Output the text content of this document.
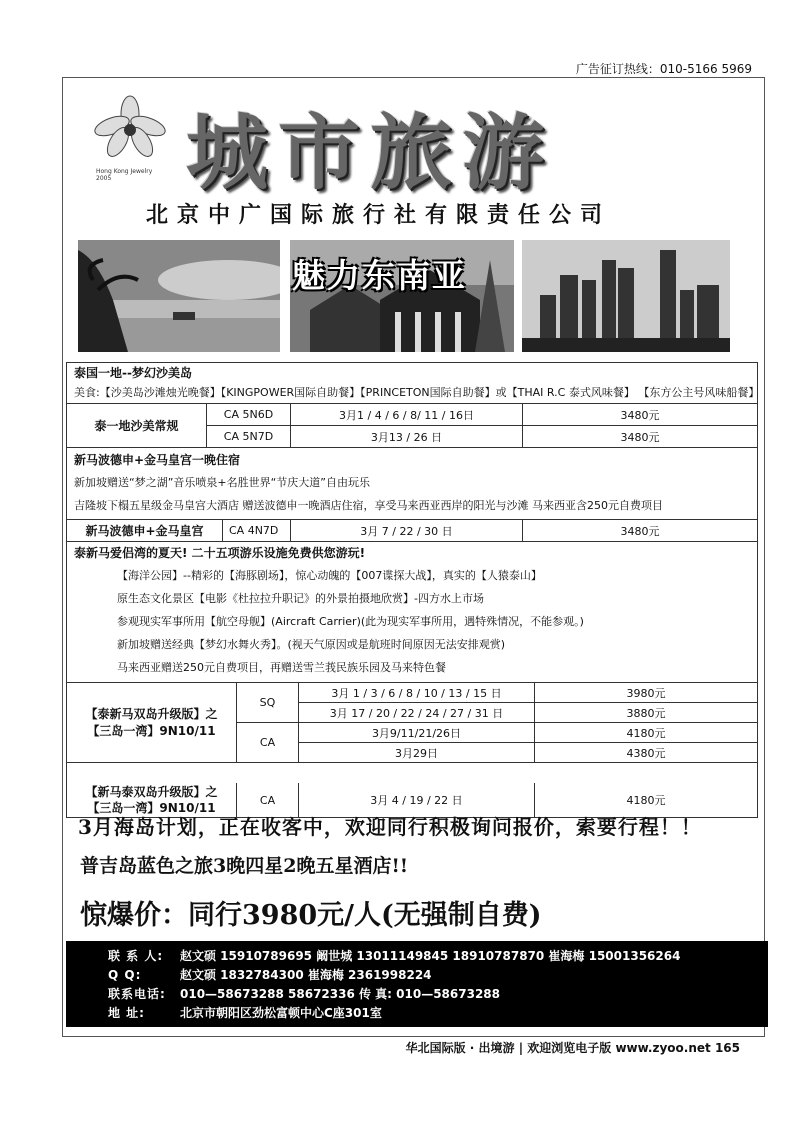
广告征订热线：010-5166 5969
Hong Kong Jewelry 2005 城市旅游
北京中广国际旅行社有限责任公司
魅力东南亚
泰国一地--梦幻沙美岛
美食:【沙美岛沙滩烛光晚餐】【KINGPOWER国际自助餐】【PRINCETON国际自助餐】或【THAI R.C 泰式风味餐】 【东方公主号风味船餐】
泰一地沙美常规
CA 5N6D	3月1 / 4 / 6 / 8/ 11 / 16日	3480元
CA 5N7D	3月13 / 26 日	3480元
新马波德申+金马皇宫一晚住宿
新加坡赠送“梦之湖”音乐喷泉+名胜世界“节庆大道”自由玩乐
吉隆坡下榻五星级金马皇宫大酒店 赠送波德申一晚酒店住宿，享受马来西亚西岸的阳光与沙滩 马来西亚含250元自费项目
新马波德申+金马皇宫	CA 4N7D	3月 7 / 22 / 30 日	3480元
泰新马爱侣湾的夏天! 二十五项游乐设施免费供您游玩!
【海洋公园】--精彩的【海豚剧场】，惊心动魄的【007谍探大战】，真实的【人猿泰山】
原生态文化景区【电影《杜拉拉升职记》的外景拍摄地欣赏】-四方水上市场
参观现实军事所用【航空母舰】(Aircraft Carrier)(此为现实军事所用，遇特殊情况，不能参观。)
新加坡赠送经典【梦幻水舞火秀】。(视天气原因或是航班时间原因无法安排观赏)
马来西亚赠送250元自费项目，再赠送雪兰莪民族乐园及马来特色餐
【泰新马双岛升级版】之【三岛一湾】9N10/11
SQ
3月 1 / 3 / 6 / 8 / 10 / 13 / 15 日	3980元
3月 17 / 20 / 22 / 24 / 27 / 31 日	3880元
CA
3月9/11/21/26日	4180元
3月29日	4380元
【新马泰双岛升级版】之【三岛一湾】9N10/11
CA	3月 4 / 19 / 22 日	4180元
3月海岛计划，正在收客中，欢迎同行积极询问报价，索要行程！！
普吉岛蓝色之旅3晚四星2晚五星酒店!!
惊爆价：同行3980元/人(无强制自费)
联 系 人: 赵文硕 15910789695 阚世城 13011149845 18910787870 崔海梅 15001356264
Q Q:	赵文硕 1832784300 崔海梅 2361998224
联系电话: 010—58673288 58672336 传 真: 010—58673288
地 址:	北京市朝阳区劲松富顿中心C座301室
华北国际版 · 出境游 | 欢迎浏览电子版 www.zyoo.net 165
